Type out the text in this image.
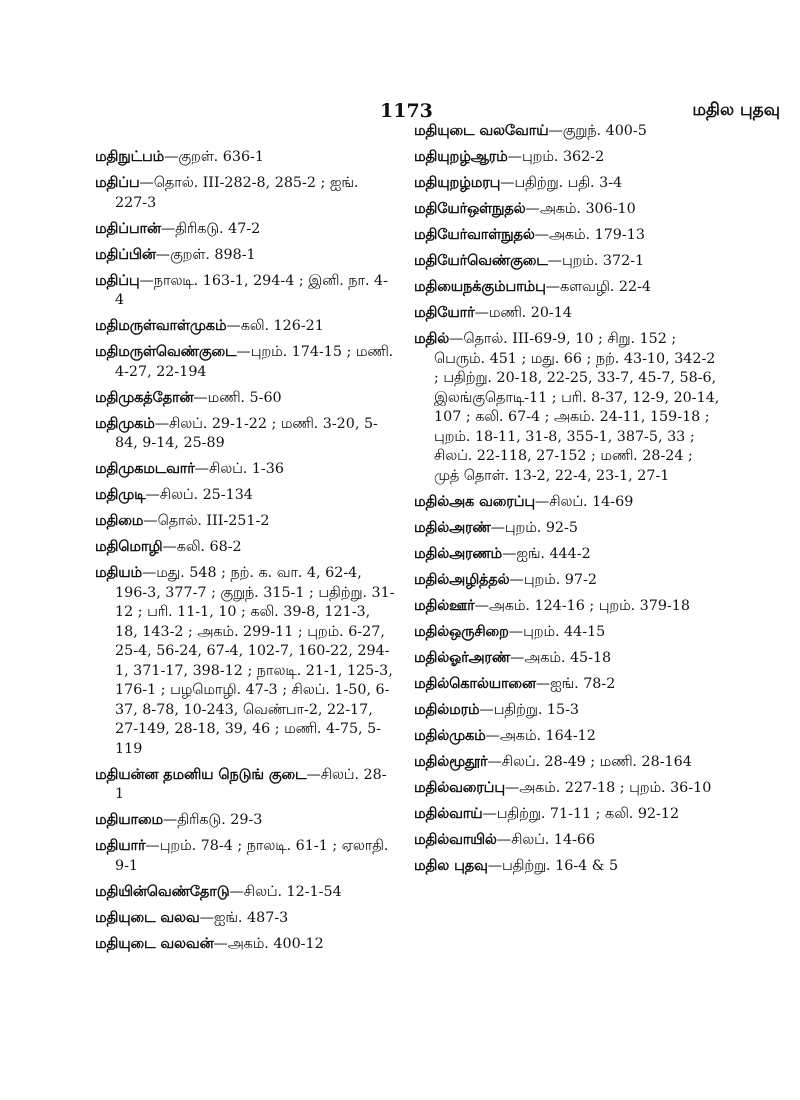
1173	மதில புதவு
மதிநுட்பம்—குறள். 636-1
மதிப்ப—தொல். III-282-8, 285-2 ; ஐங். 227-3
மதிப்பான்—திரிகடு. 47-2
மதிப்பின்—குறள். 898-1
மதிப்பு—நாலடி. 163-1, 294-4 ; இனி. நா. 4-4
மதிமருள்வாள்முகம்—கலி. 126-21
மதிமருள்வெண்குடை—புறம். 174-15 ; மணி. 4-27, 22-194
மதிமுகத்தோன்—மணி. 5-60
மதிமுகம்—சிலப். 29-1-22 ; மணி. 3-20, 5-84, 9-14, 25-89
மதிமுகமடவார்—சிலப். 1-36
மதிமுடி—சிலப். 25-134
மதிமை—தொல். III-251-2
மதிமொழி—கலி. 68-2
மதியம்—மது. 548 ; நற். க. வா. 4, 62-4, 196-3, 377-7 ; குறுந். 315-1 ; பதிற்று. 31-12 ; பரி. 11-1, 10 ; கலி. 39-8, 121-3, 18, 143-2 ; அகம். 299-11 ; புறம். 6-27, 25-4, 56-24, 67-4, 102-7, 160-22, 294-1, 371-17, 398-12 ; நாலடி. 21-1, 125-3, 176-1 ; பழமொழி. 47-3 ; சிலப். 1-50, 6-37, 8-78, 10-243, வெண்பா-2, 22-17, 27-149, 28-18, 39, 46 ; மணி. 4-75, 5-119
மதியன்ன தமனிய நெடுங் குடை—சிலப். 28-1
மதியாமை—திரிகடு. 29-3
மதியார்—புறம். 78-4 ; நாலடி. 61-1 ; ஏலாதி. 9-1
மதியின்வெண்தோடு—சிலப். 12-1-54
மதியுடை வலவ—ஐங். 487-3
மதியுடை வலவன்—அகம். 400-12
மதியுடை வலவோய்—குறுந். 400-5
மதியுறழ்ஆரம்—புறம். 362-2
மதியுறழ்மரபு—பதிற்று. பதி. 3-4
மதியேர்ஒள்நுதல்—அகம். 306-10
மதியேர்வாள்நுதல்—அகம். 179-13
மதியேர்வெண்குடை—புறம். 372-1
மதியைநக்கும்பாம்பு—களவழி. 22-4
மதியோர்—மணி. 20-14
மதில்—தொல். III-69-9, 10 ; சிறு. 152 ; பெரும். 451 ; மது. 66 ; நற். 43-10, 342-2 ; பதிற்று. 20-18, 22-25, 33-7, 45-7, 58-6, இலங்குதொடி-11 ; பரி. 8-37, 12-9, 20-14, 107 ; கலி. 67-4 ; அகம். 24-11, 159-18 ; புறம். 18-11, 31-8, 355-1, 387-5, 33 ; சிலப். 22-118, 27-152 ; மணி. 28-24 ; முத் தொள். 13-2, 22-4, 23-1, 27-1
மதில்அக வரைப்பு—சிலப். 14-69
மதில்அரண்—புறம். 92-5
மதில்அரணம்—ஐங். 444-2
மதில்அழித்தல்—புறம். 97-2
மதில்ஊர்—அகம். 124-16 ; புறம். 379-18
மதில்ஒருசிறை—புறம். 44-15
மதில்ஓர்அரண்—அகம். 45-18
மதில்கொல்யானை—ஐங். 78-2
மதில்மரம்—பதிற்று. 15-3
மதில்முகம்—அகம். 164-12
மதில்மூதூர்—சிலப். 28-49 ; மணி. 28-164
மதில்வரைப்பு—அகம். 227-18 ; புறம். 36-10
மதில்வாய்—பதிற்று. 71-11 ; கலி. 92-12
மதில்வாயில்—சிலப். 14-66
மதில புதவு—பதிற்று. 16-4 & 5
